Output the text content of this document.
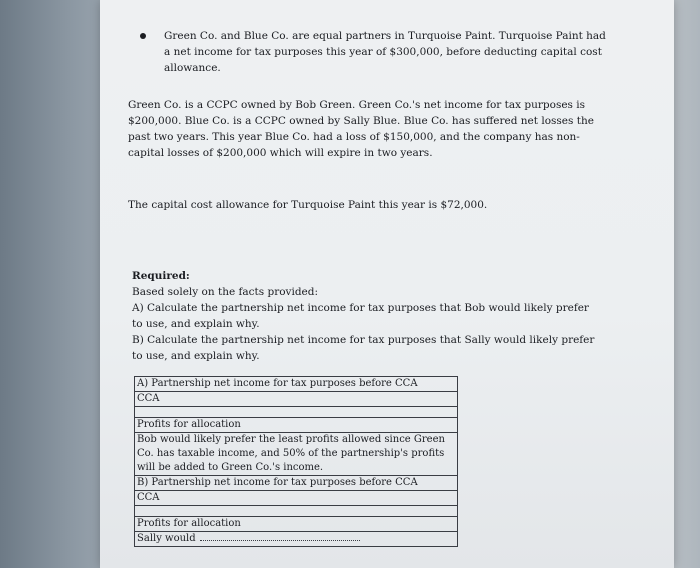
Green Co. and Blue Co. are equal partners in Turquoise Paint. Turquoise Paint had a net income for tax purposes this year of $300,000, before deducting capital cost allowance.
Green Co. is a CCPC owned by Bob Green. Green Co.'s net income for tax purposes is $200,000. Blue Co. is a CCPC owned by Sally Blue. Blue Co. has suffered net losses the past two years. This year Blue Co. had a loss of $150,000, and the company has non-capital losses of $200,000 which will expire in two years.
The capital cost allowance for Turquoise Paint this year is $72,000.
Required:
Based solely on the facts provided:
A) Calculate the partnership net income for tax purposes that Bob would likely prefer to use, and explain why.
B) Calculate the partnership net income for tax purposes that Sally would likely prefer to use, and explain why.
A) Partnership net income for tax purposes before CCA
CCA

Profits for allocation
Bob would likely prefer the least profits allowed since Green Co. has taxable income, and 50% of the partnership's profits will be added to Green Co.'s income.
B) Partnership net income for tax purposes before CCA
CCA

Profits for allocation
Sally would
